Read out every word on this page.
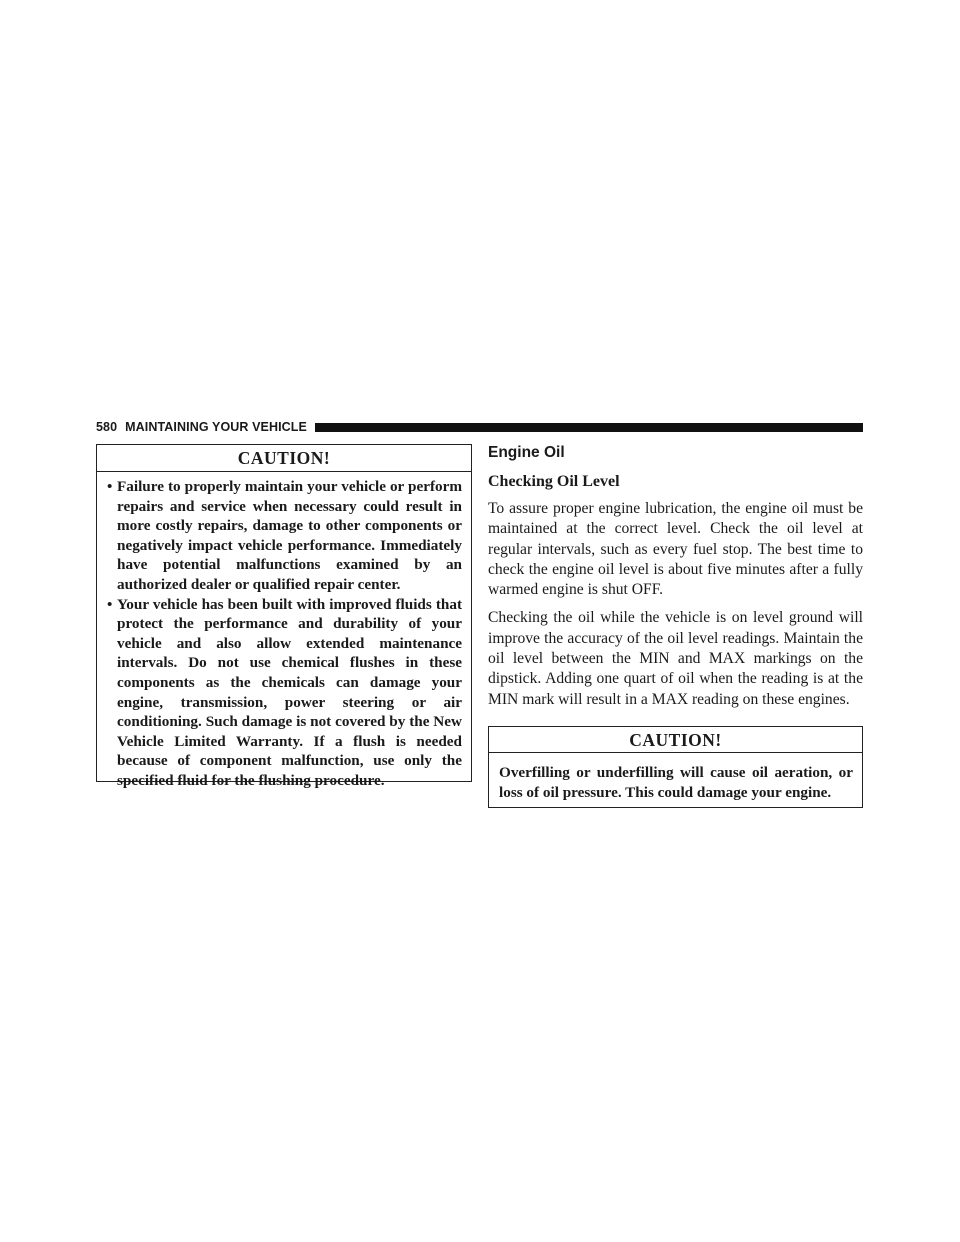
580 MAINTAINING YOUR VEHICLE
CAUTION!
• Failure to properly maintain your vehicle or perform repairs and service when necessary could result in more costly repairs, damage to other components or negatively impact vehicle performance. Immediately have potential malfunctions examined by an authorized dealer or qualified repair center.
• Your vehicle has been built with improved fluids that protect the performance and durability of your vehicle and also allow extended maintenance intervals. Do not use chemical flushes in these components as the chemicals can damage your engine, transmission, power steering or air conditioning. Such damage is not covered by the New Vehicle Limited Warranty. If a flush is needed because of component malfunction, use only the specified fluid for the flushing procedure.
Engine Oil
Checking Oil Level

To assure proper engine lubrication, the engine oil must be maintained at the correct level. Check the oil level at regular intervals, such as every fuel stop. The best time to check the engine oil level is about five minutes after a fully warmed engine is shut OFF.

Checking the oil while the vehicle is on level ground will improve the accuracy of the oil level readings. Maintain the oil level between the MIN and MAX markings on the dipstick. Adding one quart of oil when the reading is at the MIN mark will result in a MAX reading on these engines.

CAUTION!
Overfilling or underfilling will cause oil aeration, or loss of oil pressure. This could damage your engine.
